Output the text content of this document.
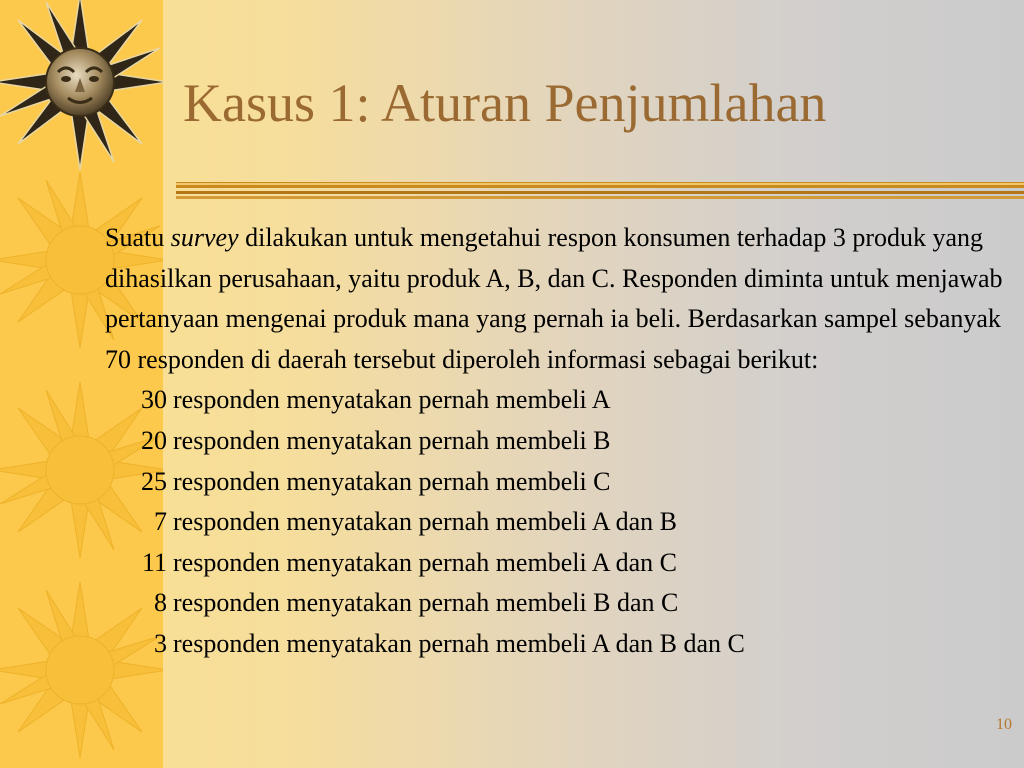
Kasus 1: Aturan Penjumlahan
Suatu survey dilakukan untuk mengetahui respon konsumen terhadap 3 produk yang dihasilkan perusahaan, yaitu produk A, B, dan C. Responden diminta untuk menjawab pertanyaan mengenai produk mana yang pernah ia beli. Berdasarkan sampel sebanyak 70 responden di daerah tersebut diperoleh informasi sebagai berikut:
30 responden menyatakan pernah membeli A
20 responden menyatakan pernah membeli B
25 responden menyatakan pernah membeli C
7 responden menyatakan pernah membeli A dan B
11 responden menyatakan pernah membeli A dan C
8 responden menyatakan pernah membeli B dan C
3 responden menyatakan pernah membeli A dan B dan C
10
